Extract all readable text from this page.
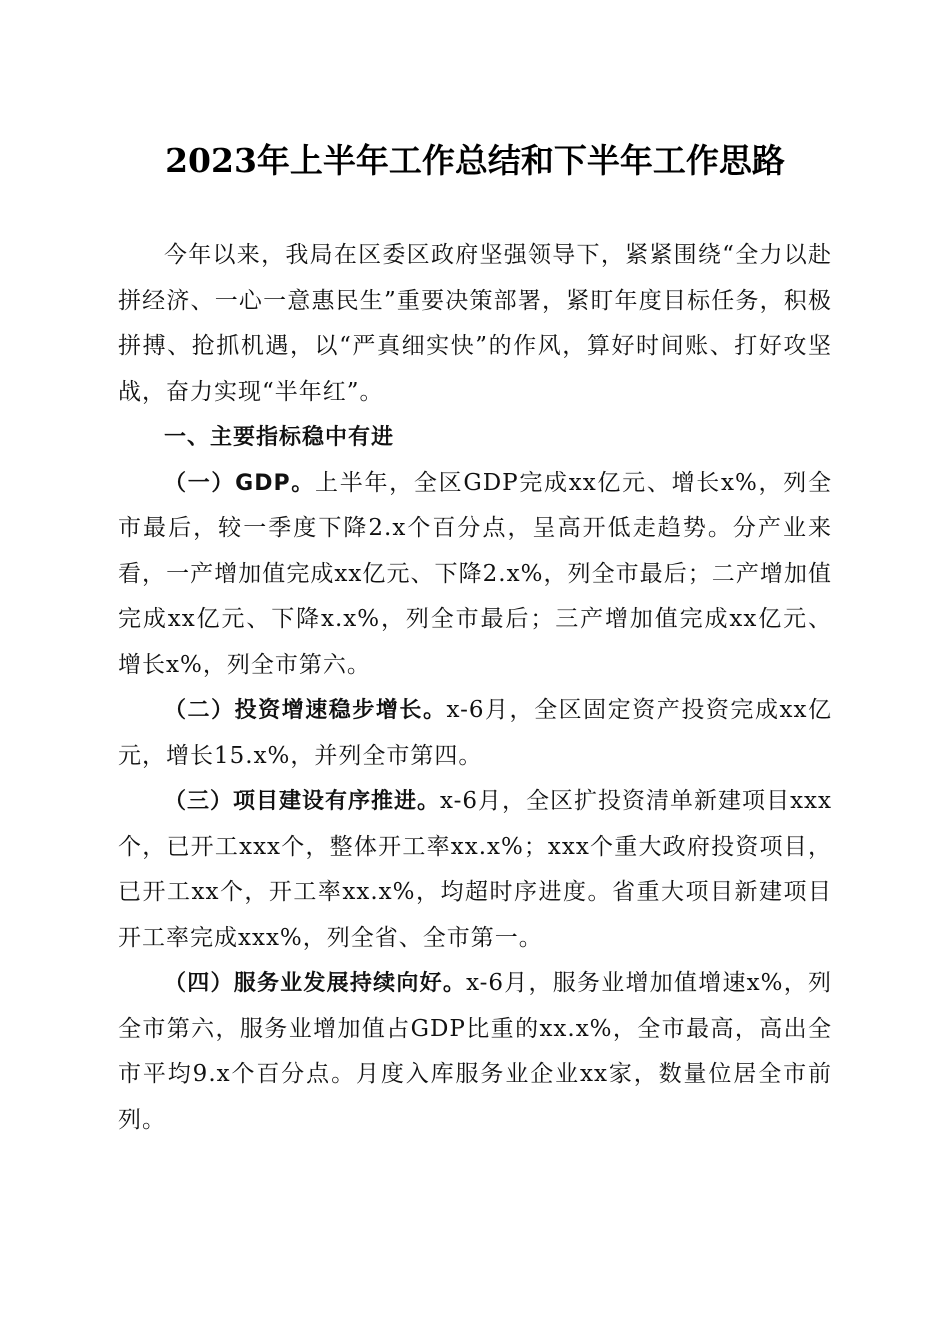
2023年上半年工作总结和下半年工作思路

今年以来，我局在区委区政府坚强领导下，紧紧围绕“全力以赴拼经济、一心一意惠民生”重要决策部署，紧盯年度目标任务，积极拼搏、抢抓机遇，以“严真细实快”的作风，算好时间账、打好攻坚战，奋力实现“半年红”。

一、主要指标稳中有进

（一）GDP。上半年，全区GDP完成xx亿元、增长x%，列全市最后，较一季度下降2.x个百分点，呈高开低走趋势。分产业来看，一产增加值完成xx亿元、下降2.x%，列全市最后；二产增加值完成xx亿元、下降x.x%，列全市最后；三产增加值完成xx亿元、增长x%，列全市第六。

（二）投资增速稳步增长。x-6月，全区固定资产投资完成xx亿元，增长15.x%，并列全市第四。

（三）项目建设有序推进。x-6月，全区扩投资清单新建项目xxx个，已开工xxx个，整体开工率xx.x%；xxx个重大政府投资项目，已开工xx个，开工率xx.x%，均超时序进度。省重大项目新建项目开工率完成xxx%，列全省、全市第一。

（四）服务业发展持续向好。x-6月，服务业增加值增速x%，列全市第六，服务业增加值占GDP比重的xx.x%，全市最高，高出全市平均9.x个百分点。月度入库服务业企业xx家，数量位居全市前列。
